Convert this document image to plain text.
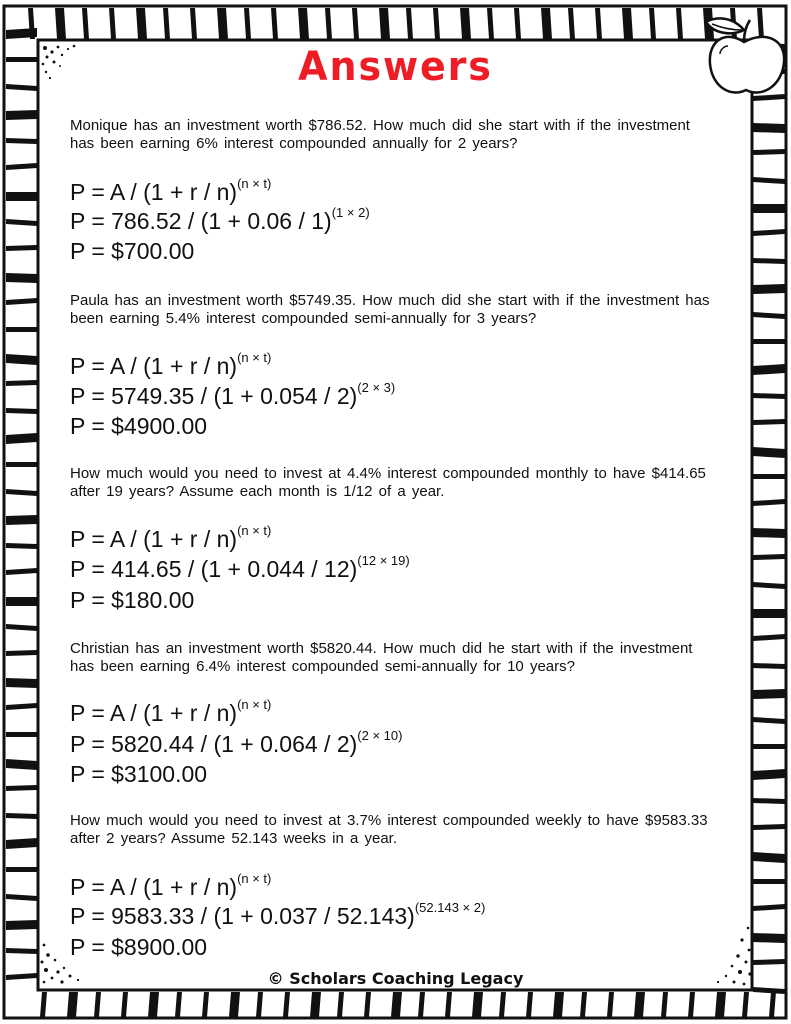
Answers
Monique has an investment worth $786.52. How much did she start with if the investment has been earning 6% interest compounded annually for 2 years?
$P = A / (1 + r / n)^{(n \times t)}$
$P = 786.52 / (1 + 0.06 / 1)^{(1 \times 2)}$
P = $700.00
Paula has an investment worth $5749.35. How much did she start with if the investment has been earning 5.4% interest compounded semi-annually for 3 years?
$P = A / (1 + r / n)^{(n \times t)}$
$P = 5749.35 / (1 + 0.054 / 2)^{(2 \times 3)}$
P = $4900.00
How much would you need to invest at 4.4% interest compounded monthly to have $414.65 after 19 years? Assume each month is 1/12 of a year.
$P = A / (1 + r / n)^{(n \times t)}$
$P = 414.65 / (1 + 0.044 / 12)^{(12 \times 19)}$
P = $180.00
Christian has an investment worth $5820.44. How much did he start with if the investment has been earning 6.4% interest compounded semi-annually for 10 years?
$P = A / (1 + r / n)^{(n \times t)}$
$P = 5820.44 / (1 + 0.064 / 2)^{(2 \times 10)}$
P = $3100.00
How much would you need to invest at 3.7% interest compounded weekly to have $9583.33 after 2 years? Assume 52.143 weeks in a year.
$P = A / (1 + r / n)^{(n \times t)}$
$P = 9583.33 / (1 + 0.037 / 52.143)^{(52.143 \times 2)}$
P = $8900.00
© Scholars Coaching Legacy
